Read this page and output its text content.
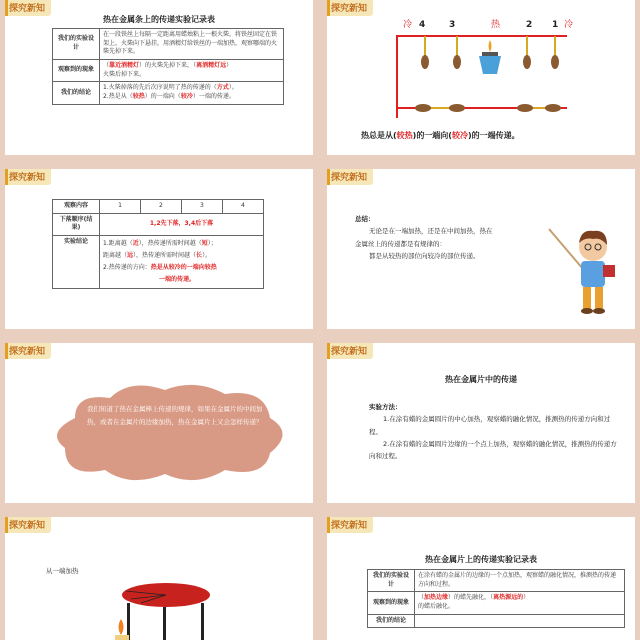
探究新知
热在金属条上的传递实验记录表
我们的实验设计	在一段铁丝上每隔一定距离用蜡烛粘上一根火柴，将铁丝固定在铁架上，火柴向下悬挂，用酒精灯给铁丝的一端加热，观察哪端的火柴先掉下来。
观察到的现象	（靠近酒精灯）的火柴先掉下来，（离酒精灯远）
火柴后掉下来。
我们的结论	1.火柴掉落的先后次序说明了热的传递的（方式）。
2.热是从（较热）的一端向（较冷）一端的传递。
探究新知
冷 4	3	热	2 1 冷
热总是从(较热)的一端向(较冷)的一端传递。
探究新知
观察内容	1	2	3	4
下落顺序(结果)	1,2先下落，3,4后下落			
实验结论	1.距离越（近），热传递所需时间越（短）；
距离越（远），热传递所需时间越（长）。
2.热传递的方向：热是从较冷的一端向较热
一端的传递。			
探究新知
总结：
无论是在一端加热，还是在中间加热，热在
金属丝上的传递都是有规律的：
都是从较热的部位向较冷的部位传递。
探究新知
我们知道了热在金属棒上传递的规律，如果在金属片的中间加热，或者在金属片的边缘加热，热在金属片上又会怎样传递？
探究新知
热在金属片中的传递
实验方法：
1.在涂有蜡的金属圆片的中心加热，观察蜡的融化情况，推测热的传递方向和过程。
2.在涂有蜡的金属圆片边缘的一个点上加热，观察蜡的融化情况，推测热的传递方向和过程。
探究新知
从一端加热
探究新知
热在金属片上的传递实验记录表
我们的实验设计	在涂有蜡的金属片的边缘的一个点加热，观察蜡的融化情况，推测热的传递方向和过程。
观察到的现象	（加热边缘）的蜡先融化，（离热源远的）
的蜡后融化。
我们的结论	
